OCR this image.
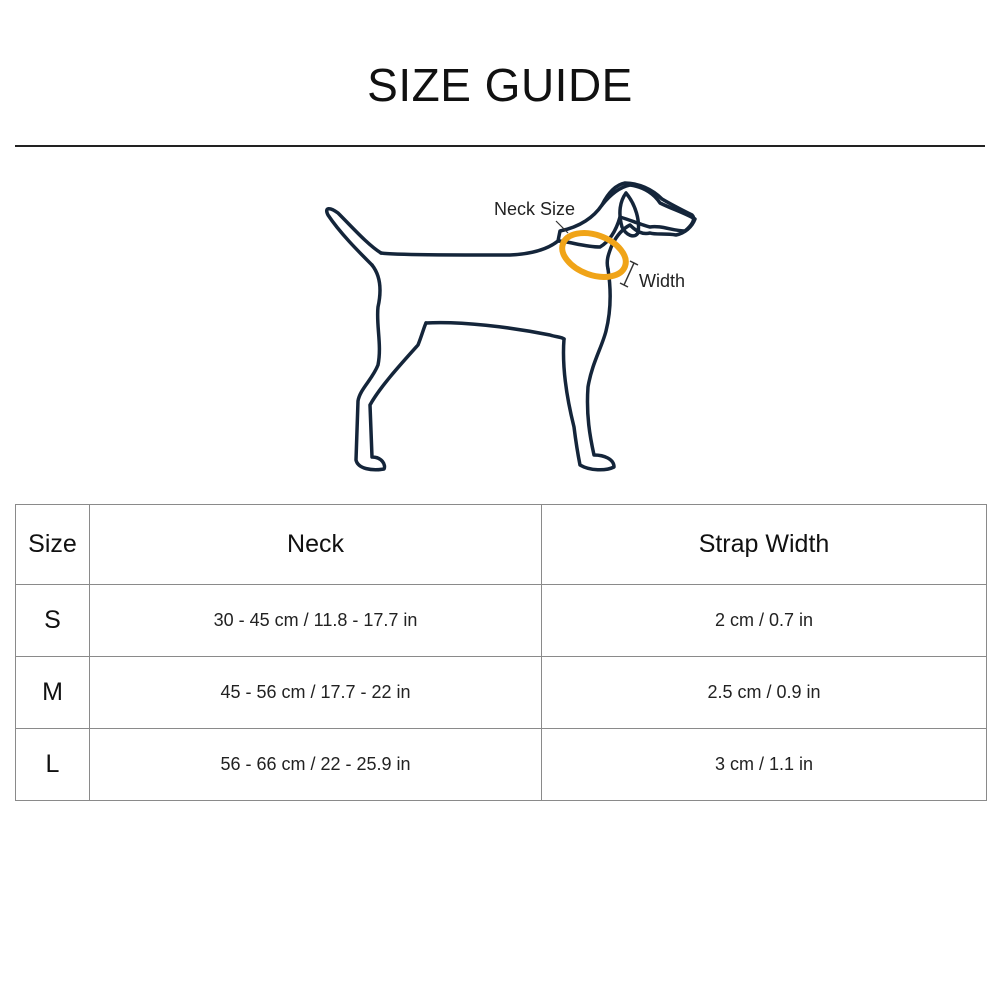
SIZE GUIDE
Neck Size
Width
Size	Neck	Strap Width
S	30 - 45 cm / 11.8 - 17.7 in	2 cm / 0.7 in
M	45 - 56 cm / 17.7 - 22 in	2.5 cm / 0.9 in
L	56 - 66 cm / 22 - 25.9 in	3 cm / 1.1 in
